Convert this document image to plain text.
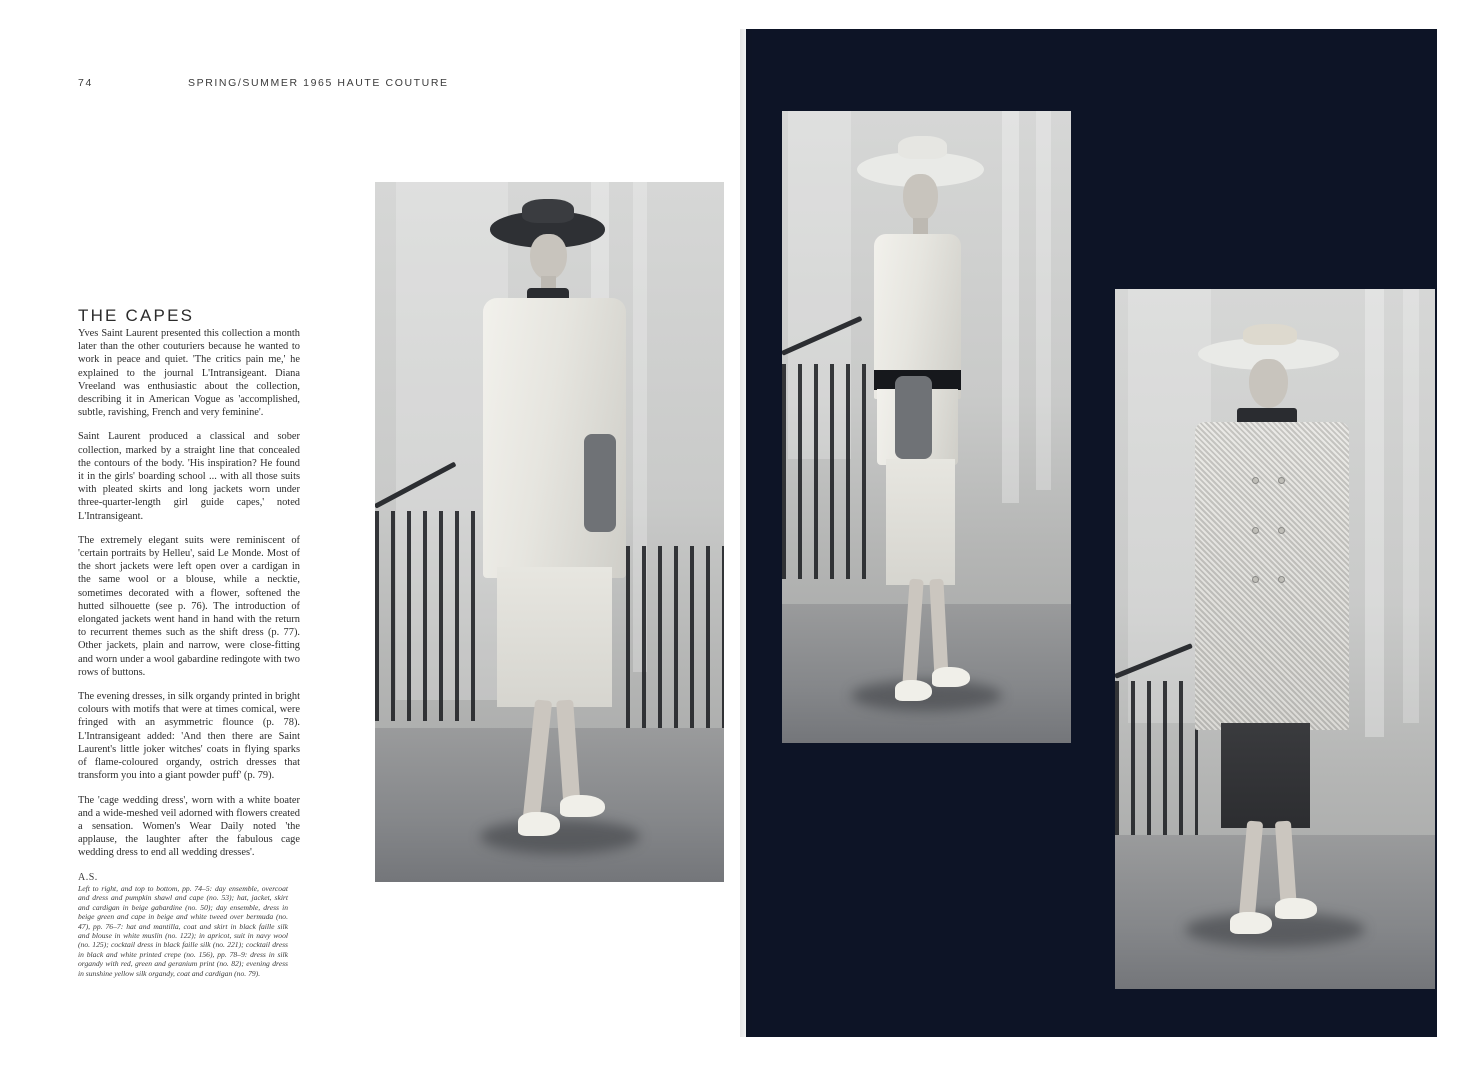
74	SPRING/SUMMER 1965 HAUTE COUTURE
THE CAPES

Yves Saint Laurent presented this collection a month later than the other couturiers because he wanted to work in peace and quiet. 'The critics pain me,' he explained to the journal L'Intransigeant. Diana Vreeland was enthusiastic about the collection, describing it in American Vogue as 'accomplished, subtle, ravishing, French and very feminine'.

Saint Laurent produced a classical and sober collection, marked by a straight line that concealed the contours of the body. 'His inspiration? He found it in the girls' boarding school ... with all those suits with pleated skirts and long jackets worn under three-quarter-length girl guide capes,' noted L'Intransigeant.

The extremely elegant suits were reminiscent of 'certain portraits by Helleu', said Le Monde. Most of the short jackets were left open over a cardigan in the same wool or a blouse, while a necktie, sometimes decorated with a flower, softened the hutted silhouette (see p. 76). The introduction of elongated jackets went hand in hand with the return to recurrent themes such as the shift dress (p. 77). Other jackets, plain and narrow, were close-fitting and worn under a wool gabardine redingote with two rows of buttons.

The evening dresses, in silk organdy printed in bright colours with motifs that were at times comical, were fringed with an asymmetric flounce (p. 78). L'Intransigeant added: 'And then there are Saint Laurent's little joker witches' coats in flying sparks of flame-coloured organdy, ostrich dresses that transform you into a giant powder puff' (p. 79).

The 'cage wedding dress', worn with a white boater and a wide-meshed veil adorned with flowers created a sensation. Women's Wear Daily noted 'the applause, the laughter after the fabulous cage wedding dress to end all wedding dresses'.

A.S.

Left to right, and top to bottom, pp. 74–5: day ensemble, overcoat and dress and pumpkin shawl and cape (no. 53); hat, jacket, skirt and cardigan in beige gabardine (no. 50); day ensemble, dress in beige green and cape in beige and white tweed over bermuda (no. 47), pp. 76–7: hat and mantilla, coat and skirt in black faille silk and blouse in white muslin (no. 122); in apricot, suit in navy wool (no. 125); cocktail dress in black faille silk (no. 221); cocktail dress in black and white printed crepe (no. 156), pp. 78–9: dress in silk organdy with red, green and geranium print (no. 82); evening dress in sunshine yellow silk organdy, coat and cardigan (no. 79).
